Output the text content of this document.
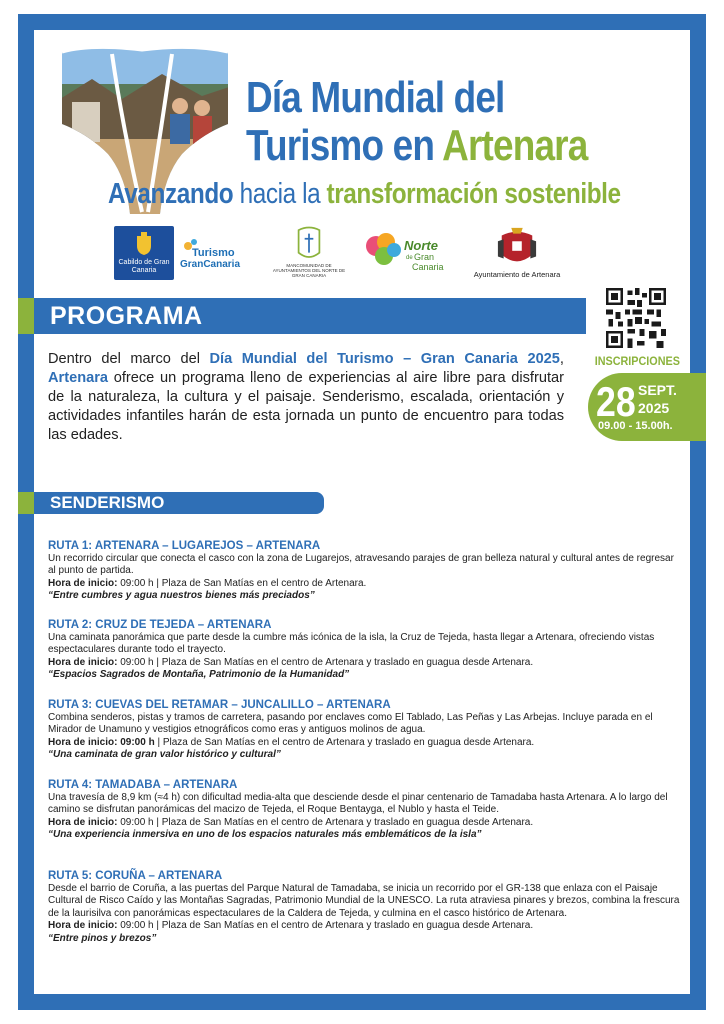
Día Mundial del
Turismo en Artenara
Avanzando hacia la transformación sostenible
Cabildo de Gran Canaria
Turismo
GranCanaria	MANCOMUNIDAD DE AYUNTAMIENTOS DEL NORTE DE GRAN CANARIA
Norte
de Gran
Canaria
Ayuntamiento de Artenara
PROGRAMA
INSCRIPCIONES
28 SEPT.
2025
09.00 - 15.00h.

Dentro del marco del Día Mundial del Turismo – Gran Canaria 2025, Artenara ofrece un programa lleno de experiencias al aire libre para disfrutar de la naturaleza, la cultura y el paisaje. Senderismo, escalada, orientación y actividades infantiles harán de esta jornada un punto de encuentro para todas las edades.

SENDERISMO
RUTA 1: ARTENARA – LUGAREJOS – ARTENARA
Un recorrido circular que conecta el casco con la zona de Lugarejos, atravesando parajes de gran belleza natural y cultural antes de regresar al punto de partida.
Hora de inicio: 09:00 h | Plaza de San Matías en el centro de Artenara.
“Entre cumbres y agua nuestros bienes más preciados”
RUTA 2: CRUZ DE TEJEDA – ARTENARA
Una caminata panorámica que parte desde la cumbre más icónica de la isla, la Cruz de Tejeda, hasta llegar a Artenara, ofreciendo vistas espectaculares durante todo el trayecto.
Hora de inicio: 09:00 h | Plaza de San Matías en el centro de Artenara y traslado en guagua desde Artenara.
“Espacios Sagrados de Montaña, Patrimonio de la Humanidad”
RUTA 3: CUEVAS DEL RETAMAR – JUNCALILLO – ARTENARA
Combina senderos, pistas y tramos de carretera, pasando por enclaves como El Tablado, Las Peñas y Las Arbejas. Incluye parada en el Mirador de Unamuno y vestigios etnográficos como eras y antiguos molinos de agua.
Hora de inicio: 09:00 h | Plaza de San Matías en el centro de Artenara y traslado en guagua desde Artenara.
“Una caminata de gran valor histórico y cultural”
RUTA 4: TAMADABA – ARTENARA
Una travesía de 8,9 km (≈4 h) con dificultad media-alta que desciende desde el pinar centenario de Tamadaba hasta Artenara. A lo largo del camino se disfrutan panorámicas del macizo de Tejeda, el Roque Bentayga, el Nublo y hasta el Teide.
Hora de inicio: 09:00 h | Plaza de San Matías en el centro de Artenara y traslado en guagua desde Artenara.
“Una experiencia inmersiva en uno de los espacios naturales más emblemáticos de la isla”
RUTA 5: CORUÑA – ARTENARA
Desde el barrio de Coruña, a las puertas del Parque Natural de Tamadaba, se inicia un recorrido por el GR-138 que enlaza con el Paisaje Cultural de Risco Caído y las Montañas Sagradas, Patrimonio Mundial de la UNESCO. La ruta atraviesa pinares y brezos, combina la frescura de la laurisilva con panorámicas espectaculares de la Caldera de Tejeda, y culmina en el casco histórico de Artenara.
Hora de inicio: 09:00 h | Plaza de San Matías en el centro de Artenara y traslado en guagua desde Artenara.
“Entre pinos y brezos”
